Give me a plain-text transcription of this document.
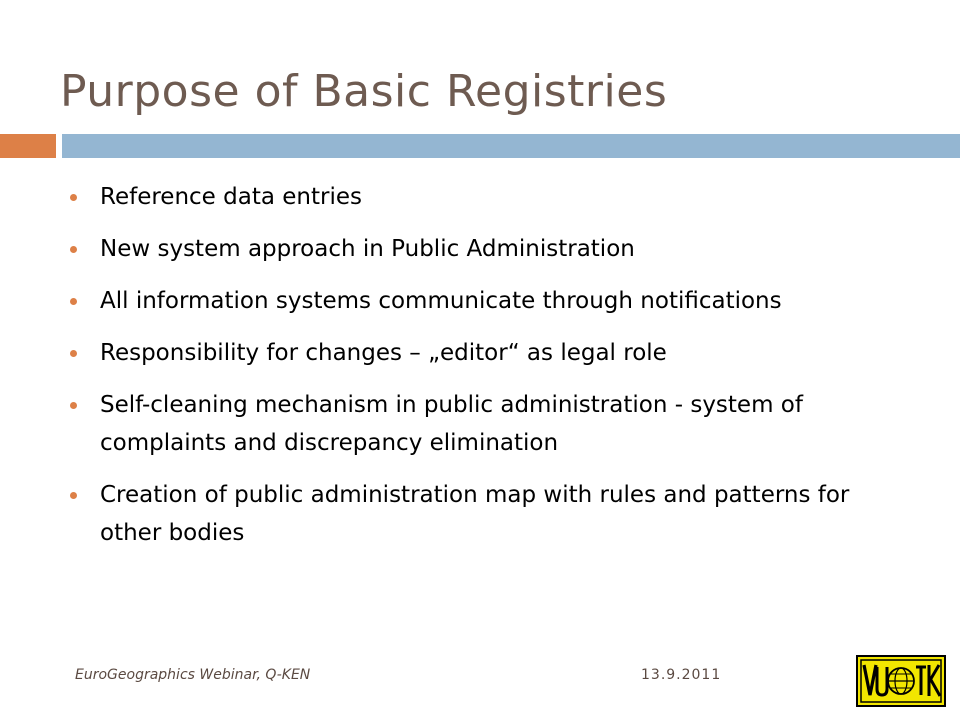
Purpose of Basic Registries
Reference data entries
New system approach in Public Administration
All information systems communicate through notifications
Responsibility for changes – „editor“ as legal role
Self-cleaning mechanism in public administration - system of complaints and discrepancy elimination
Creation of public administration map with rules and patterns for other bodies
EuroGeographics Webinar, Q-KEN	13.9.2011
